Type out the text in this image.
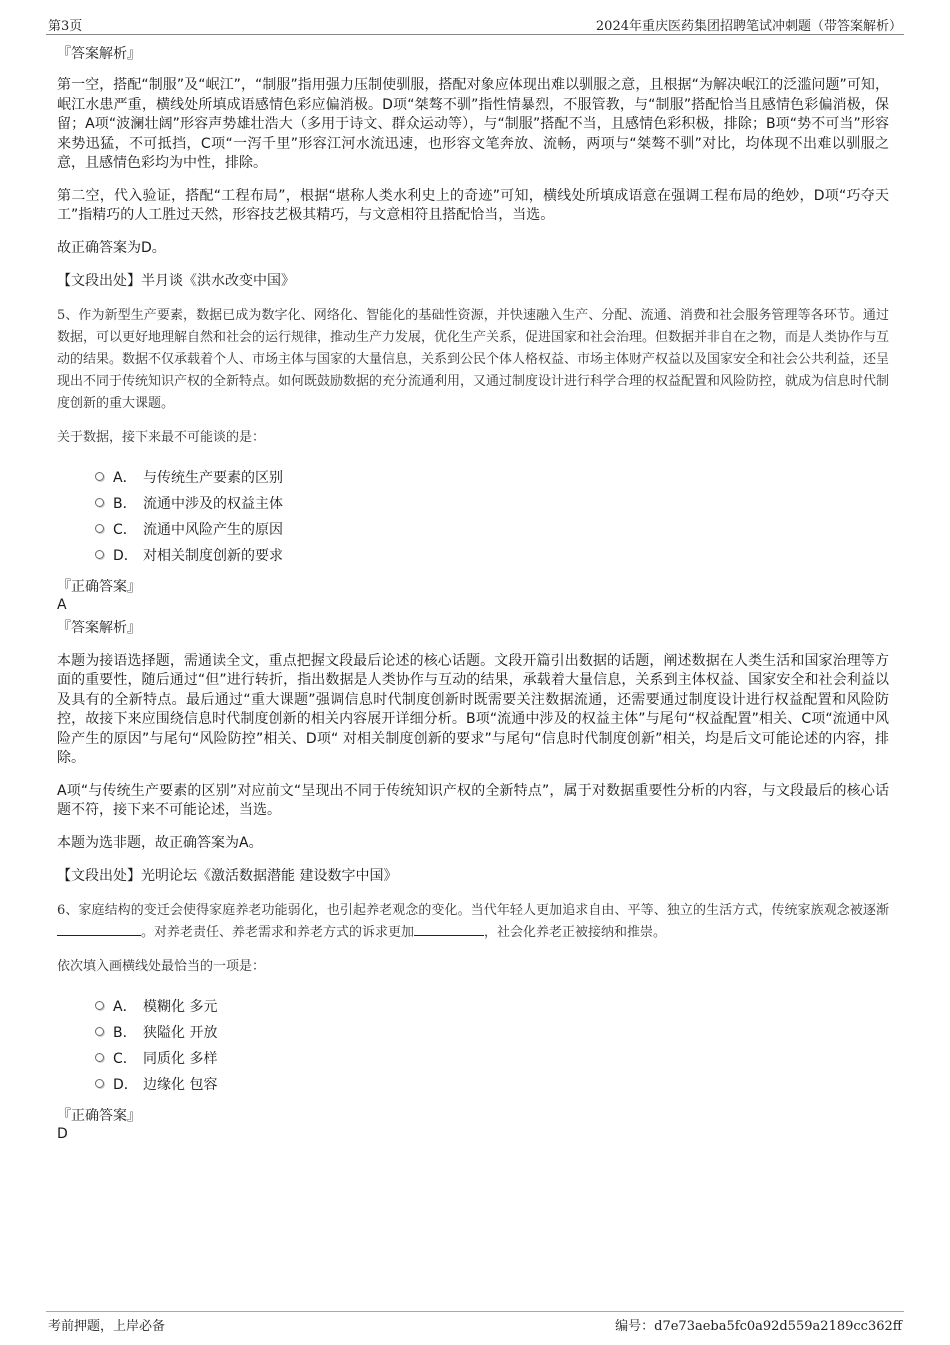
第3页	2024年重庆医药集团招聘笔试冲刺题（带答案解析）

『答案解析』

第一空，搭配“制服”及“岷江”，“制服”指用强力压制使驯服，搭配对象应体现出难以驯服之意，且根据“为解决岷江的泛滥问题”可知，岷江水患严重，横线处所填成语感情色彩应偏消极。D项“桀骜不驯”指性情暴烈，不服管教，与“制服”搭配恰当且感情色彩偏消极，保留；A项“波澜壮阔”形容声势雄壮浩大（多用于诗文、群众运动等），与“制服”搭配不当，且感情色彩积极，排除；B项“势不可当”形容来势迅猛，不可抵挡，C项“一泻千里”形容江河水流迅速，也形容文笔奔放、流畅，两项与“桀骜不驯”对比，均体现不出难以驯服之意，且感情色彩均为中性，排除。

第二空，代入验证，搭配“工程布局”，根据“堪称人类水利史上的奇迹”可知，横线处所填成语意在强调工程布局的绝妙，D项“巧夺天工”指精巧的人工胜过天然，形容技艺极其精巧，与文意相符且搭配恰当，当选。

故正确答案为D。

【文段出处】半月谈《洪水改变中国》

5、作为新型生产要素，数据已成为数字化、网络化、智能化的基础性资源，并快速融入生产、分配、流通、消费和社会服务管理等各环节。通过数据，可以更好地理解自然和社会的运行规律，推动生产力发展，优化生产关系，促进国家和社会治理。但数据并非自在之物，而是人类协作与互动的结果。数据不仅承载着个人、市场主体与国家的大量信息，关系到公民个体人格权益、市场主体财产权益以及国家安全和社会公共利益，还呈现出不同于传统知识产权的全新特点。如何既鼓励数据的充分流通利用，又通过制度设计进行科学合理的权益配置和风险防控，就成为信息时代制度创新的重大课题。

关于数据，接下来最不可能谈的是：

A． 与传统生产要素的区别
B． 流通中涉及的权益主体
C． 流通中风险产生的原因
D． 对相关制度创新的要求

『正确答案』

A

『答案解析』

本题为接语选择题，需通读全文，重点把握文段最后论述的核心话题。文段开篇引出数据的话题，阐述数据在人类生活和国家治理等方面的重要性，随后通过“但”进行转折，指出数据是人类协作与互动的结果，承载着大量信息，关系到主体权益、国家安全和社会利益以及具有的全新特点。最后通过“重大课题”强调信息时代制度创新时既需要关注数据流通，还需要通过制度设计进行权益配置和风险防控，故接下来应围绕信息时代制度创新的相关内容展开详细分析。B项“流通中涉及的权益主体”与尾句“权益配置”相关、C项“流通中风险产生的原因”与尾句“风险防控”相关、D项“ 对相关制度创新的要求”与尾句“信息时代制度创新”相关，均是后文可能论述的内容，排除。

A项“与传统生产要素的区别”对应前文“呈现出不同于传统知识产权的全新特点”，属于对数据重要性分析的内容，与文段最后的核心话题不符，接下来不可能论述，当选。

本题为选非题，故正确答案为A。

【文段出处】光明论坛《激活数据潜能 建设数字中国》

6、家庭结构的变迁会使得家庭养老功能弱化，也引起养老观念的变化。当代年轻人更加追求自由、平等、独立的生活方式，传统家族观念被逐渐。对养老责任、养老需求和养老方式的诉求更加	，社会化养老正被接纳和推崇。

依次填入画横线处最恰当的一项是：

A． 模糊化 多元
B． 狭隘化 开放
C． 同质化 多样
D． 边缘化 包容

『正确答案』

D

考前押题，上岸必备	编号：d7e73aeba5fc0a92d559a2189cc362ff
